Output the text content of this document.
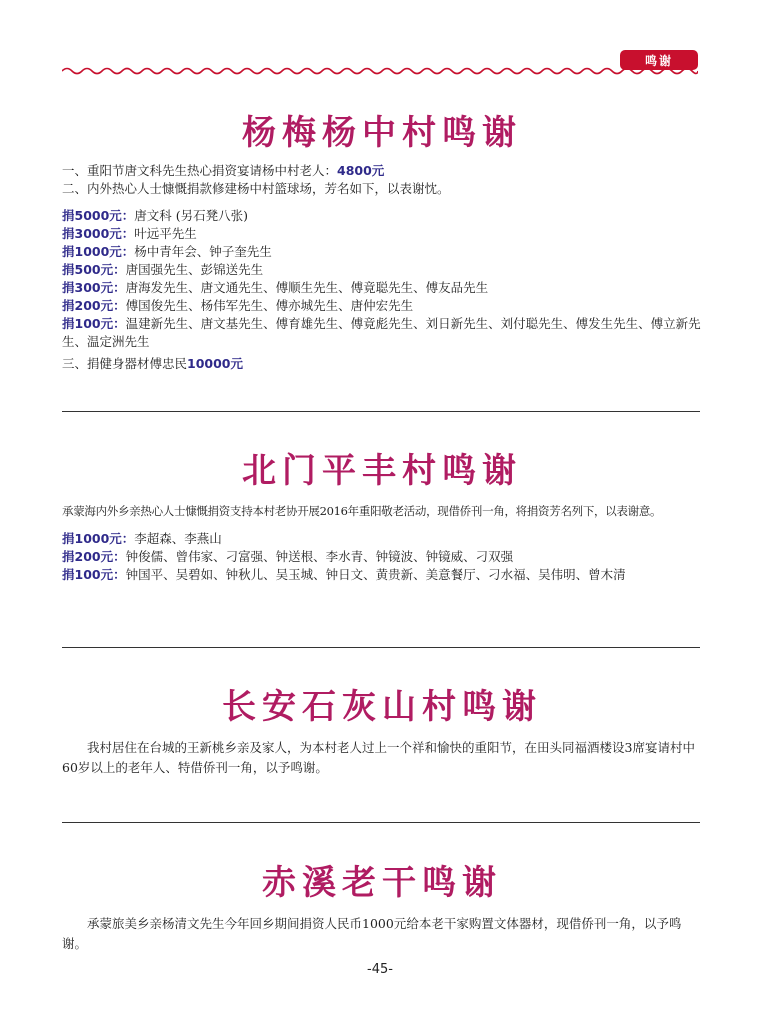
鸣谢
杨梅杨中村鸣谢

一、重阳节唐文科先生热心捐资宴请杨中村老人：4800元

二、内外热心人士慷慨捐款修建杨中村篮球场，芳名如下，以表谢忱。

捐5000元： 唐文科 (另石凳八张)
捐3000元： 叶远平先生
捐1000元： 杨中青年会、钟子奎先生
捐500元： 唐国强先生、彭锦送先生
捐300元： 唐海发先生、唐文通先生、傅顺生先生、傅竟聪先生、傅友品先生
捐200元： 傅国俊先生、杨伟军先生、傅亦城先生、唐仲宏先生
捐100元：温建新先生、唐文基先生、傅育雄先生、傅竟彪先生、刘日新先生、刘付聪先生、傅发生先生、傅立新先生、温定洲先生

三、捐健身器材傅忠民10000元

北门平丰村鸣谢

承蒙海内外乡亲热心人士慷慨捐资支持本村老协开展2016年重阳敬老活动，现借侨刊一角，将捐资芳名列下，以表谢意。

捐1000元： 李超森、李燕山
捐200元： 钟俊儒、曾伟家、刁富强、钟送根、李水青、钟镜波、钟镜威、刁双强
捐100元： 钟国平、吴碧如、钟秋儿、吴玉城、钟日文、黄贵新、美意餐厅、刁水福、吴伟明、曾木清
长安石灰山村鸣谢

我村居住在台城的王新桃乡亲及家人，为本村老人过上一个祥和愉快的重阳节，在田头同福酒楼设3席宴请村中60岁以上的老年人、特借侨刊一角，以予鸣谢。

赤溪老干鸣谢

承蒙旅美乡亲杨清文先生今年回乡期间捐资人民币1000元给本老干家购置文体器材，现借侨刊一角，以予鸣谢。

-45-
